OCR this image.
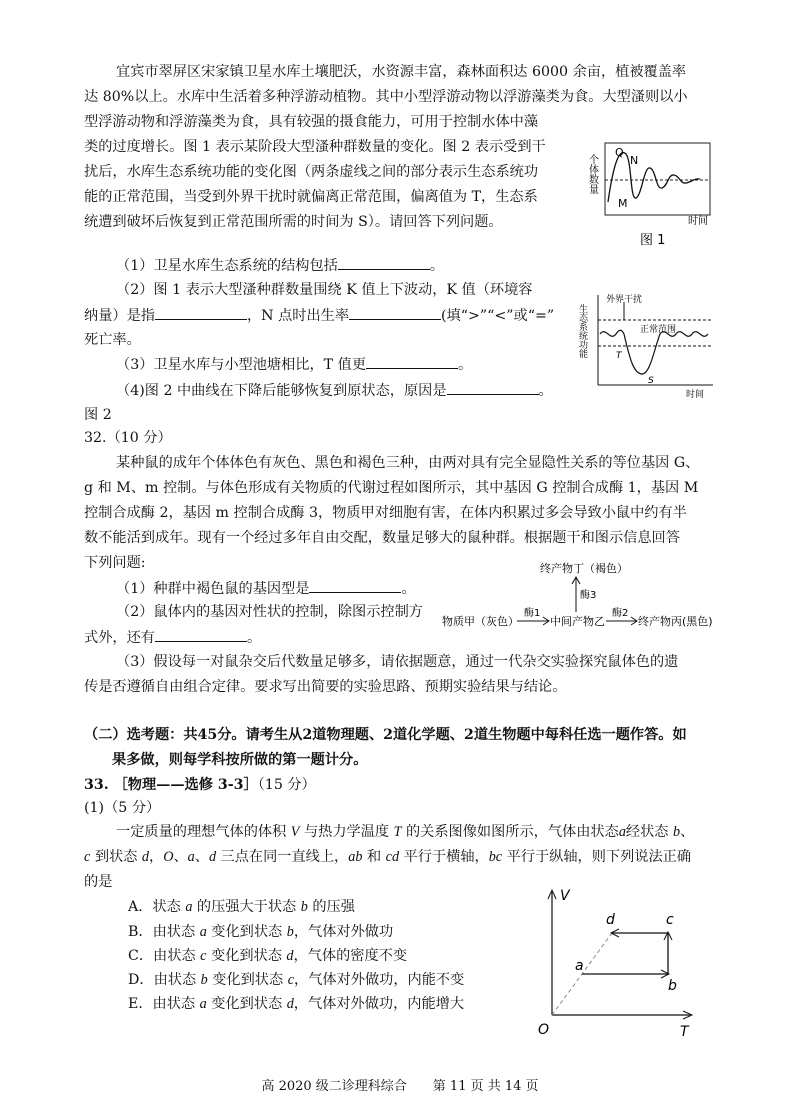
宜宾市翠屏区宋家镇卫星水库土壤肥沃，水资源丰富，森林面积达 6000 余亩，植被覆盖率
达 80%以上。水库中生活着多种浮游动植物。其中小型浮游动物以浮游藻类为食。大型溞则以小
型浮游动物和浮游藻类为食，具有较强的摄食能力，可用于控制水体中藻
类的过度增长。图 1 表示某阶段大型溞种群数量的变化。图 2 表示受到干
扰后，水库生态系统功能的变化图（两条虚线之间的部分表示生态系统功
能的正常范围，当受到外界干扰时就偏离正常范围，偏离值为 T，生态系
统遭到破坏后恢复到正常范围所需的时间为 S）。请回答下列问题。
（1）卫星水库生态系统的结构包括	。
（2）图 1 表示大型溞种群数量围绕 K 值上下波动，K 值（环境容
纳量）是指	，N 点时出生率	(填“>”“<”或“=”
死亡率。
（3）卫星水库与小型池塘相比，T 值更	。
（4)图 2 中曲线在下降后能够恢复到原状态，原因是	。
图 2
个体数量
Q
N
M
时间
图 1
外界干扰
正常范围
T
S
生态系统功能
时间
32.（10 分）
某种鼠的成年个体体色有灰色、黑色和褐色三种，由两对具有完全显隐性关系的等位基因 G、
g 和 M、m 控制。与体色形成有关物质的代谢过程如图所示，其中基因 G 控制合成酶 1，基因 M
控制合成酶 2，基因 m 控制合成酶 3，物质甲对细胞有害，在体内积累过多会导致小鼠中约有半
数不能活到成年。现有一个经过多年自由交配，数量足够大的鼠种群。根据题干和图示信息回答
下列问题:
（1）种群中褐色鼠的基因型是	。
（2）鼠体内的基因对性状的控制，除图示控制方
式外，还有	。
（3）假设每一对鼠杂交后代数量足够多，请依据题意，通过一代杂交实验探究鼠体色的遗
传是否遵循自由组合定律。要求写出简要的实验思路、预期实验结果与结论。
终产物丁（褐色）
酶3
物质甲（灰色）
酶1
中间产物乙
酶2
终产物丙(黑色)
（二）选考题：共45分。请考生从2道物理题、2道化学题、2道生物题中每科任选一题作答。如
果多做，则每学科按所做的第一题计分。
33. ［物理——选修 3-3］（15 分）
(1)（5 分）
一定质量的理想气体的体积 V 与热力学温度 T 的关系图像如图所示，气体由状态a经状态 b、
c 到状态 d，O、a、d 三点在同一直线上，ab 和 cd 平行于横轴，bc 平行于纵轴，则下列说法正确
的是
A．状态 a 的压强大于状态 b 的压强
B．由状态 a 变化到状态 b，气体对外做功
C．由状态 c 变化到状态 d，气体的密度不变
D．由状态 b 变化到状态 c，气体对外做功，内能不变
E．由状态 a 变化到状态 d，气体对外做功，内能增大
V
T
O
a
b
c
d
高 2020 级二诊理科综合　　第 11 页 共 14 页
